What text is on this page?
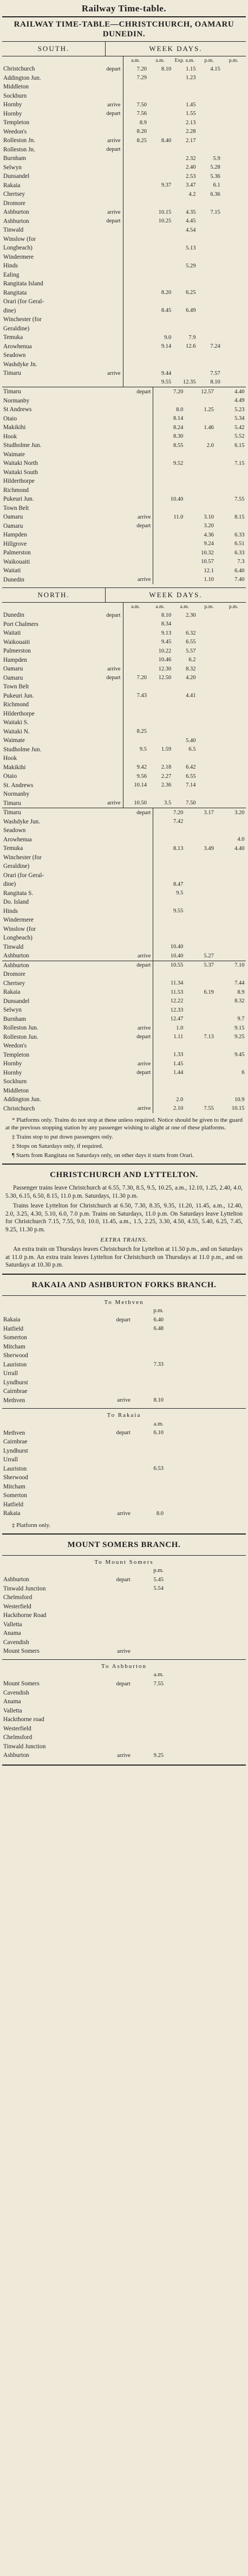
Railway Time-table.
RAILWAY TIME-TABLE—CHRISTCHURCH, OAMARU DUNEDIN.
SOUTH.	WEEK DAYS.
		a.m.	a.m.	Exp. a.m.	p.m.	p.m.
Christchurch	depart	7.20	8.10	1.15	4.15	
Addington Jun.		7.29		1.23		
Middleton						
Sockburn						
Hornby	arrive	7.50		1.45		
Hornby	depart	7.56		1.55		
Templeton		8.9		2.13		
Weedon's		8.20		2.28		
Rolleston Jn.	arrive	8.25	8.40	2.17		
Rolleston Jn.	depart					
Burnham				2.32	5.9	
Selwyn				2.40	5.28	
Dunsandel				2.53	5.36	
Rakaia			9.37	3.47	6.1	
Chertsey				4.2	6.36	
Dromore						
Ashburton	arrive		10.15	4.35	7.15	
Ashburton	depart		10.25	4.45		
Tinwald				4.54		
Winslow (for						
Longbeach)				5.13		
Windermere						
Hinds				5.29		
Ealing						
Rangitata Island						
Rangitata			8.20	6.25		
Orari (for Geral-						
dine)			8.45	6.49		
Winchester (for						
Geraldine)						
Temuka			9.0	7.9		
Arowhenua			9.14	12.6	7.24	
Seadown						
Washdyke Jn.						
Timaru	arrive		9.44		7.57	
			9.55	12.35	8.10	
Timaru	depart	7.20	12.57	4.40
Normanby				4.49
St Andrews		8.0	1.25	5.23
Otaio		8.14		5.34
Makikihi		8.24	1.46	5.42
Hook		8.30		5.52
Studholme Jun.		8.55	2.0	6.15
Waimate				
Waitaki North		9.52		7.15
Waitaki South				
Hilderthorpe				
Richmond				
Pukeuri Jun.		10.40		7.55
Town Belt				
Oamaru	arrive	11.0	3.10	8.15
Oamaru	depart		3.20	
Hampden			4.36	6.33
Hillgrove			9.24	6.51
Palmerston			10.32	6.33
Waikouaiti			10.57	7.3
Waitati			12.1	6.40
Dunedin	arrive		1.10	7.40
NORTH.	WEEK DAYS.
		a.m.	a.m.	a.m.	p.m.	p.m.
Dunedin	depart		8.10	2.30		
Port Chalmers			8.34			
Waitati			9.13	6.32		
Waikouaiti			9.45	6.55		
Palmerston			10.22	5.57		
Hampden			10.46	6.2		
Oamaru	arrive		12.30	8.32		
Oamaru	depart	7.20	12.50	4.20		
Town Belt						
Pukeuri Jun.		7.43		4.41		
Richmond						
Hilderthorpe						
Waitaki S.						
Waitaki N.		8.25				
Waimate				5.40		
Studholme Jun.		9.5	1.59	6.5		
Hook						
Makikihi		9.42	2.18	6.42		
Otaio		9.56	2.27	6.55		
St. Andrews		10.14	2.36	7.14		
Normanby						
Timaru	arrive	10.50	3.5	7.50		
Timaru	depart	7.20	3.17	3.20
Washdyke Jun.		7.42		
Seadown				
Arowhenua				4.0
Temuka		8.13	3.49	4.40
Winchester (for				
Geraldine)				
Orari (for Geral-				
dine)		8.47		
Rangitata S.		9.5		
Do. Island				
Hinds		9.55		
Windermere				
Winslow (for				
Longbeach)				
Tinwald		10.40		
Ashburton	arrive	10.40	5.27	
Ashburton	depart	10.55	5.37	7.10
Dromore				
Chertsey		11.34		7.44
Rakaia		11.53	6.19	8.9
Dunsandel		12.22		8.32
Selwyn		12.33		
Burnham		12.47		9.7
Rolleston Jun.	arrive	1.0		9.15
Rolleston Jun.	depart	1.11	7.13	9.25
Weedon's				
Templeton		1.33		9.45
Hornby	arrive	1.45		
Hornby	depart	1.44		6
Sockburn				
Middleton				
Addington Jun.		2.0		10.9
Christchurch	arrive	2.10	7.55	10.15

* Platforms only. Trains do not stop at these unless required. Notice should be given to the guard at the previous stopping station by any passenger wishing to alight at one of these platforms.

‡ Trains stop to put down passengers only.

‡ Stops on Saturdays only, if required.

¶ Starts from Rangitata on Saturdays only, on other days it starts from Orari.

CHRISTCHURCH AND LYTTELTON.
Passenger trains leave Christchurch at 6.55, 7.30, 8.5, 9.5, 10.25, a.m., 12.10, 1.25, 2.40, 4.0, 5.30, 6.15, 6.50, 8.15, 11.0 p.m. Saturdays, 11.30 p.m.
Trains leave Lyttelton for Christchurch at 6.50, 7.30, 8.35, 9.35, 11.20, 11.45, a.m., 12.40, 2.0, 3.25, 4.30, 5.10, 6.0, 7.0 p.m. Trains on Saturdays, 11.0 p.m. On Saturdays leave Lyttelton for Christchurch 7.15, 7.55, 9.0, 10.0, 11.45, a.m., 1.5, 2.25, 3.30, 4.50, 4.55, 5.40, 6.25, 7.45, 9.25, 11.30 p.m.
EXTRA TRAINS.
An extra train on Thursdays leaves Christchurch for Lyttelton at 11.50 p.m., and on Saturdays at 11.0 p.m. An extra train leaves Lyttelton for Christchurch on Thursdays at 11.0 p.m., and on Saturdays at 10.30 p.m.
RAKAIA AND ASHBURTON FORKS BRANCH.
To Methven
		p.m.
Rakaia	depart	6.40
Hatfield		6.48
Somerton		
Mitcham		
Sherwood		
Lauriston		7.33
Urrall		
Lyndhurst		
Cairnbrae		
Methven	arrive	8.10
To Rakaia
		a.m.
Methven	depart	6.10
Cairnbrae		
Lyndhurst		
Urrall		
Lauriston		6.53
Sherwood		
Mitcham		
Somerton		
Hatfield		
Rakaia	arrive	8.0

‡ Platform only.

MOUNT SOMERS BRANCH.
To Mount Somers
		p.m.
Ashburton	depart	5.45
Tinwald Junction		5.54
Chelmsford		
Westerfield		
Hackthorne Road		
Valletta		
Anama		
Cavendish		
Mount Somers	arrive	
To Ashburton
		a.m.
Mount Somers	depart	7.55
Cavendish		
Anama		
Valletta		
Hackthorne road		
Westerfield		
Chelmsford		
Tinwald Junction		
Ashburton	arrive	9.25
